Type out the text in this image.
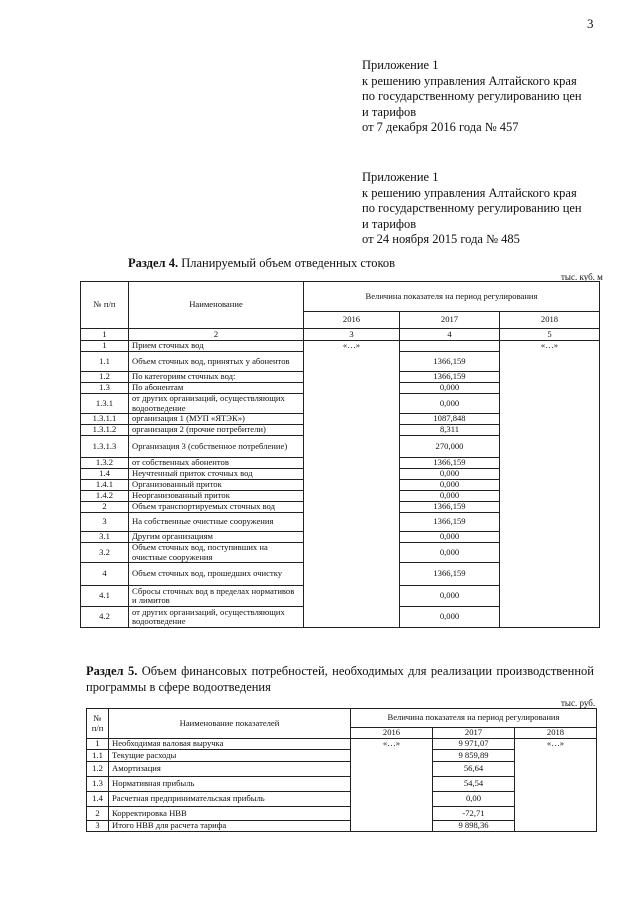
3
Приложение 1
к решению управления Алтайского края
по государственному регулированию цен
и тарифов
от 7 декабря 2016 года № 457
Приложение 1
к решению управления Алтайского края
по государственному регулированию цен
и тарифов
от 24 ноября 2015 года № 485
Раздел 4. Планируемый объем отведенных стоков
тыс. куб. м
№ п/п	Наименование	Величина показателя на период регулирования		
		2016	2017	2018
1	2	3	4	5
1	Прием сточных вод	«…»		«…»
1.1	Объем сточных вод, принятых у абонентов		1366,159	
1.2	По категориям сточных вод:		1366,159	
1.3	По абонентам		0,000	
1.3.1	от других организаций, осуществляющих водоотведение		0,000	
1.3.1.1	организация 1 (МУП «ЯТЭК»)		1087,848	
1.3.1.2	организация 2 (прочие потребители)		8,311	
1.3.1.3	Организация 3 (собственное потребление)		270,000	
1.3.2	от собственных абонентов		1366,159	
1.4	Неучтенный приток сточных вод		0,000	
1.4.1	Организованный приток		0,000	
1.4.2	Неорганизованный приток		0,000	
2	Объем транспортируемых сточных вод		1366,159	
3	На собственные очистные сооружения		1366,159	
3.1	Другим организациям		0,000	
3.2	Объем сточных вод, поступивших на очистные сооружения		0,000	
4	Объем сточных вод, прошедших очистку		1366,159	
4.1	Сбросы сточных вод в пределах нормативов и лимитов		0,000	
4.2	от других организаций, осуществляющих водоотведение		0,000	
Раздел 5. Объем финансовых потребностей, необходимых для реализации производственной программы в сфере водоотведения
тыс. руб.
№ п/п	Наименование показателей	Величина показателя на период регулирования		
		2016	2017	2018
1	Необходимая валовая выручка	«…»	9 971,07	«…»
1.1	Текущие расходы		9 859,89	
1.2	Амортизация		56,64	
1.3	Нормативная прибыль		54,54	
1.4	Расчетная предпринимательская прибыль		0,00	
2	Корректировка НВВ		-72,71	
3	Итого НВВ для расчета тарифа		9 898,36	
